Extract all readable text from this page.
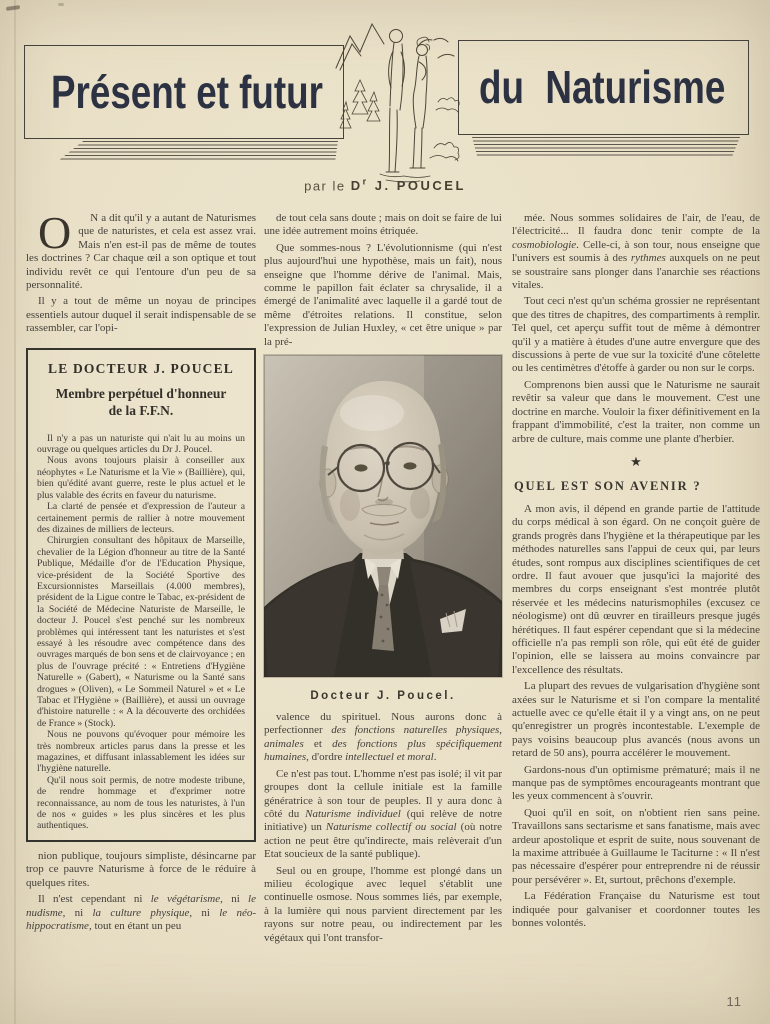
Présent et futur	du Naturisme
par le $D^r$ J. POUCEL

O	N a dit qu'il y a autant de Naturismes que de naturistes, et cela est assez vrai. Mais n'en est-il pas de même de toutes les doctrines ? Car chaque œil a son optique et tout individu revêt ce qui l'entoure d'un peu de sa personnalité.

Il y a tout de même un noyau de principes essentiels autour duquel il serait indispensable de se rassembler, car l'opi-

LE DOCTEUR J. POUCEL
Membre perpétuel d'honneur de la F.F.N.

Il n'y a pas un naturiste qui n'ait lu au moins un ouvrage ou quelques articles du Dr J. Poucel.

Nous avons toujours plaisir à conseiller aux néophytes « Le Naturisme et la Vie » (Baillière), qui, bien qu'édité avant guerre, reste le plus actuel et le plus valable des écrits en faveur du naturisme.

La clarté de pensée et d'expression de l'auteur a certainement permis de rallier à notre mouvement des dizaines de milliers de lecteurs.

Chirurgien consultant des hôpitaux de Marseille, chevalier de la Légion d'honneur au titre de la Santé Publique, Médaille d'or de l'Education Physique, vice-président de la Société Sportive des Excursionnistes Marseillais (4.000 membres), président de la Ligue contre le Tabac, ex-président de la Société de Médecine Naturiste de Marseille, le docteur J. Poucel s'est penché sur les nombreux problèmes qui intéressent tant les naturistes et s'est essayé à les résoudre avec compétence dans des ouvrages marqués de bon sens et de clairvoyance ; en plus de l'ouvrage précité : « Entretiens d'Hygiène Naturelle » (Gabert), « Naturisme ou la Santé sans drogues » (Oliven), « Le Sommeil Naturel » et « Le Tabac et l'Hygiène » (Baillière), et aussi un ouvrage d'histoire naturelle : « A la découverte des orchidées de France » (Stock).

Nous ne pouvons qu'évoquer pour mémoire les très nombreux articles parus dans la presse et les magazines, et diffusant inlassablement les idées sur l'hygiène naturelle.

Qu'il nous soit permis, de notre modeste tribune, de rendre hommage et d'exprimer notre reconnaissance, au nom de tous les naturistes, à l'un de nos « guides » les plus sincères et les plus authentiques.

nion publique, toujours simpliste, désincarne par trop ce pauvre Naturisme à force de le réduire à quelques rites.

Il n'est cependant ni le végétarisme, ni le nudisme, ni la culture physique, ni le néo-hippocratisme, tout en étant un peu

de tout cela sans doute ; mais on doit se faire de lui une idée autrement moins étriquée.

Que sommes-nous ? L'évolutionnisme (qui n'est plus aujourd'hui une hypothèse, mais un fait), nous enseigne que l'homme dérive de l'animal. Mais, comme le papillon fait éclater sa chrysalide, il a émergé de l'animalité avec laquelle il a gardé tout de même d'étroites relations. Il constitue, selon l'expression de Julian Huxley, « cet être unique » par la pré-

Docteur J. Poucel.

valence du spirituel. Nous aurons donc à perfectionner des fonctions naturelles physiques, animales et des fonctions plus spécifiquement humaines, d'ordre intellectuel et moral.

Ce n'est pas tout. L'homme n'est pas isolé; il vit par groupes dont la cellule initiale est la famille génératrice à son tour de peuples. Il y aura donc à côté du Naturisme individuel (qui relève de notre initiative) un Naturisme collectif ou social (où notre action ne peut être qu'indirecte, mais relèverait d'un Etat soucieux de la santé publique).

Seul ou en groupe, l'homme est plongé dans un milieu écologique avec lequel s'établit une continuelle osmose. Nous sommes liés, par exemple, à la lumière qui nous parvient directement par les rayons sur notre peau, ou indirectement par les végétaux qui l'ont transfor-

mée. Nous sommes solidaires de l'air, de l'eau, de l'électricité... Il faudra donc tenir compte de la cosmobiologie. Celle-ci, à son tour, nous enseigne que l'univers est soumis à des rythmes auxquels on ne peut se soustraire sans plonger dans l'anarchie ses réactions vitales.

Tout ceci n'est qu'un schéma grossier ne représentant que des titres de chapitres, des compartiments à remplir. Tel quel, cet aperçu suffit tout de même à démontrer qu'il y a matière à études d'une autre envergure que des discussions à perte de vue sur la toxicité d'une côtelette ou les centimètres d'étoffe à garder ou non sur le corps.

Comprenons bien aussi que le Naturisme ne saurait revêtir sa valeur que dans le mouvement. C'est une doctrine en marche. Vouloir la fixer définitivement en la frappant d'immobilité, c'est la traiter, non comme un arbre de culture, mais comme une plante d'herbier.

★
QUEL EST SON AVENIR ?

A mon avis, il dépend en grande partie de l'attitude du corps médical à son égard. On ne conçoit guère de grands progrès dans l'hygiène et la thérapeutique par les méthodes naturelles sans l'appui de ceux qui, par leurs études, sont rompus aux disciplines scientifiques de cet ordre. Il faut avouer que jusqu'ici la majorité des membres du corps enseignant s'est montrée plutôt réservée et les médecins naturismophiles (excusez ce néologisme) ont dû œuvrer en tirailleurs presque jugés hérétiques. Il faut espérer cependant que si la médecine officielle n'a pas rempli son rôle, qui eût été de guider l'opinion, elle se laissera au moins convaincre par l'excellence des résultats.

La plupart des revues de vulgarisation d'hygiène sont axées sur le Naturisme et si l'on compare la mentalité actuelle avec ce qu'elle était il y a vingt ans, on ne peut qu'enregistrer un progrès incontestable. L'exemple de pays voisins beaucoup plus avancés (nous avons un retard de 50 ans), pourra accélérer le mouvement.

Gardons-nous d'un optimisme prématuré; mais il ne manque pas de symptômes encourageants montrant que les yeux commencent à s'ouvrir.

Quoi qu'il en soit, on n'obtient rien sans peine. Travaillons sans sectarisme et sans fanatisme, mais avec ardeur apostolique et esprit de suite, nous souvenant de la maxime attribuée à Guillaume le Taciturne : « Il n'est pas nécessaire d'espérer pour entreprendre ni de réussir pour persévérer ». Et, surtout, prêchons d'exemple.

La Fédération Française du Naturisme est tout indiquée pour galvaniser et coordonner toutes les bonnes volontés.

11
